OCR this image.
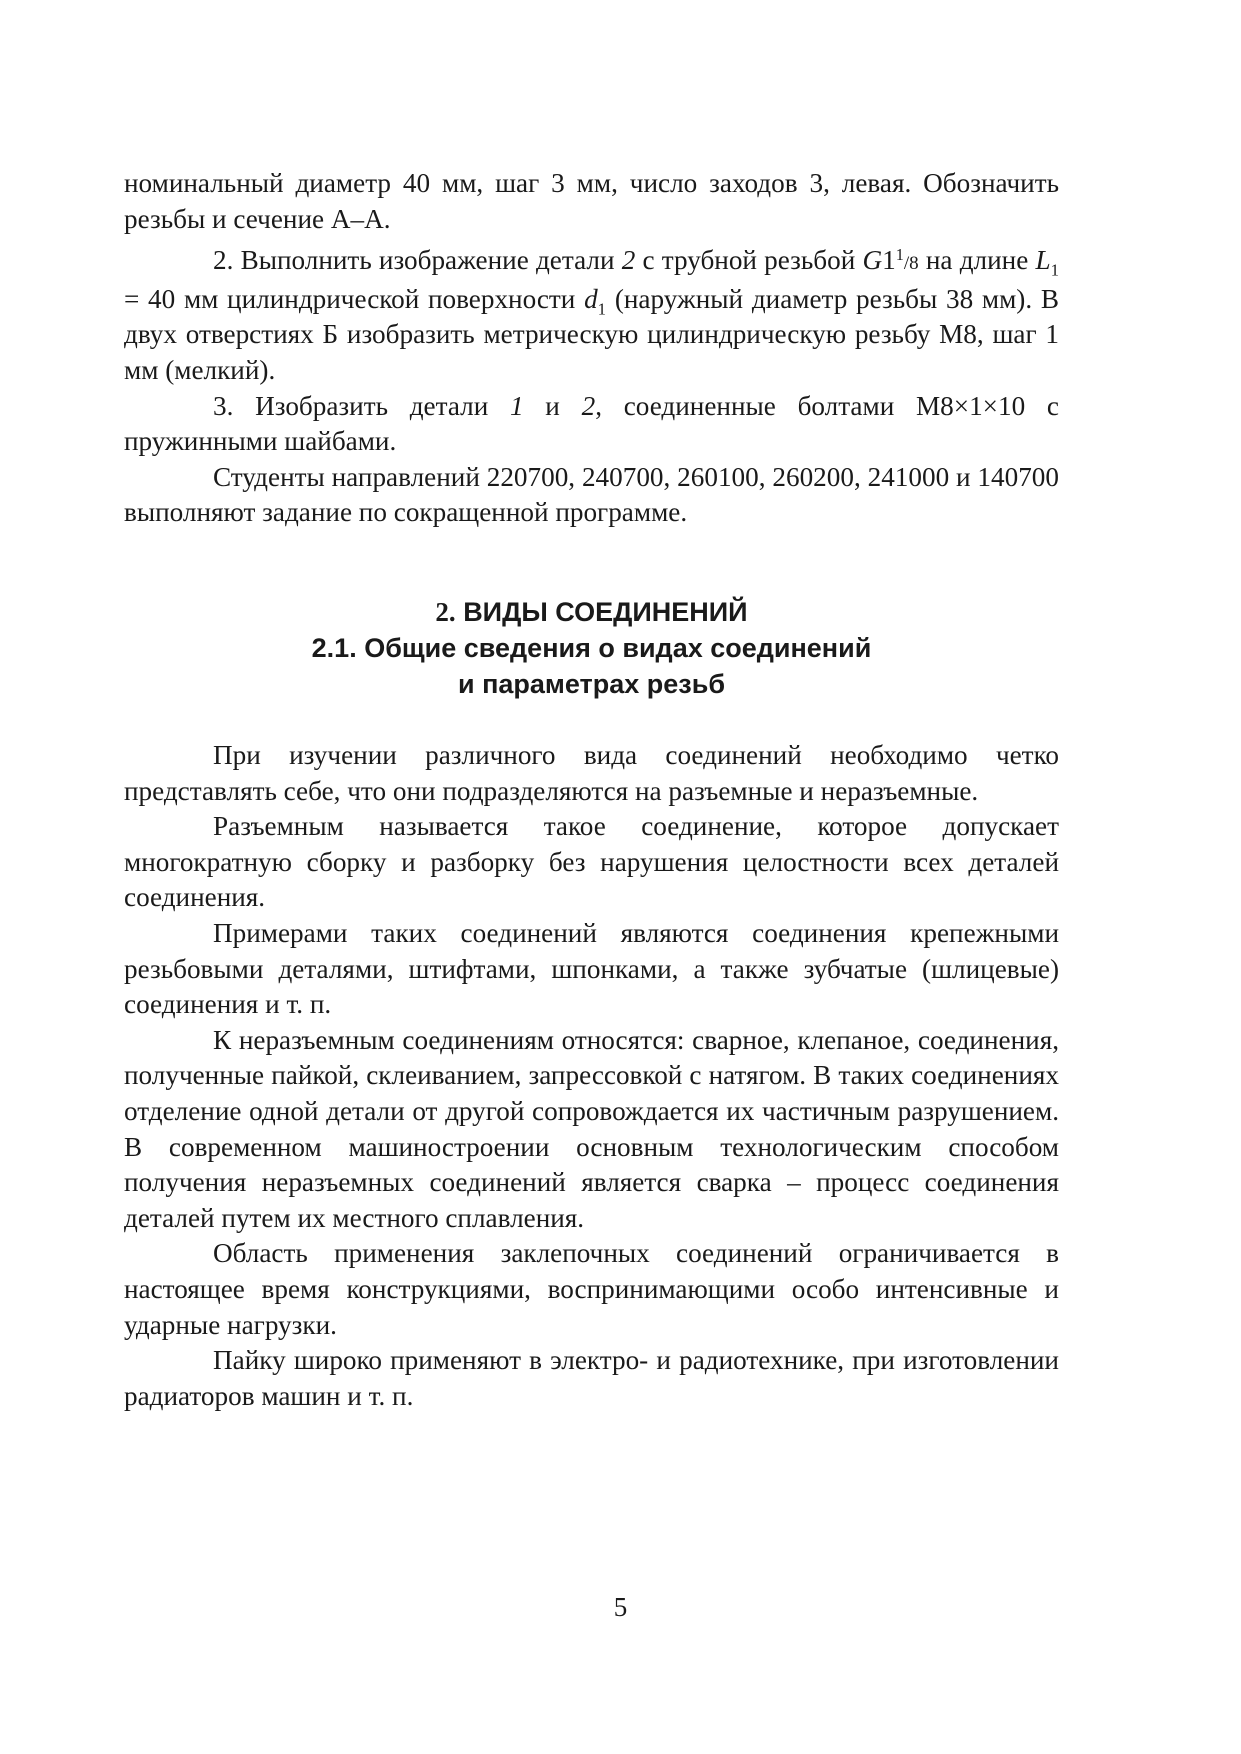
номинальный диаметр 40 мм, шаг 3 мм, число заходов 3, левая. Обозначить резьбы и сечение А–А.

2. Выполнить изображение детали 2 с трубной резьбой $G1^1/8$ на длине $L_1 = 40$ мм цилиндрической поверхности $d_1$ (наружный диаметр резьбы 38 мм). В двух отверстиях Б изобразить метрическую цилиндрическую резьбу М8, шаг 1 мм (мелкий).

3. Изобразить детали 1 и 2, соединенные болтами М8×1×10 с пружинными шайбами.

Студенты направлений 220700, 240700, 260100, 260200, 241000 и 140700 выполняют задание по сокращенной программе.

2. ВИДЫ СОЕДИНЕНИЙ
2.1. Общие сведения о видах соединений
и параметрах резьб

При изучении различного вида соединений необходимо четко представлять себе, что они подразделяются на разъемные и неразъемные.

Разъемным называется такое соединение, которое допускает многократную сборку и разборку без нарушения целостности всех деталей соединения.

Примерами таких соединений являются соединения крепежными резьбовыми деталями, штифтами, шпонками, а также зубчатые (шлицевые) соединения и т. п.

К неразъемным соединениям относятся: сварное, клепаное, соединения, полученные пайкой, склеиванием, запрессовкой с натягом. В таких соединениях отделение одной детали от другой сопровождается их частичным разрушением. В современном машиностроении основным технологическим способом получения неразъемных соединений является сварка – процесс соединения деталей путем их местного сплавления.

Область применения заклепочных соединений ограничивается в настоящее время конструкциями, воспринимающими особо интенсивные и ударные нагрузки.

Пайку широко применяют в электро- и радиотехнике, при изготовлении радиаторов машин и т. п.

5
